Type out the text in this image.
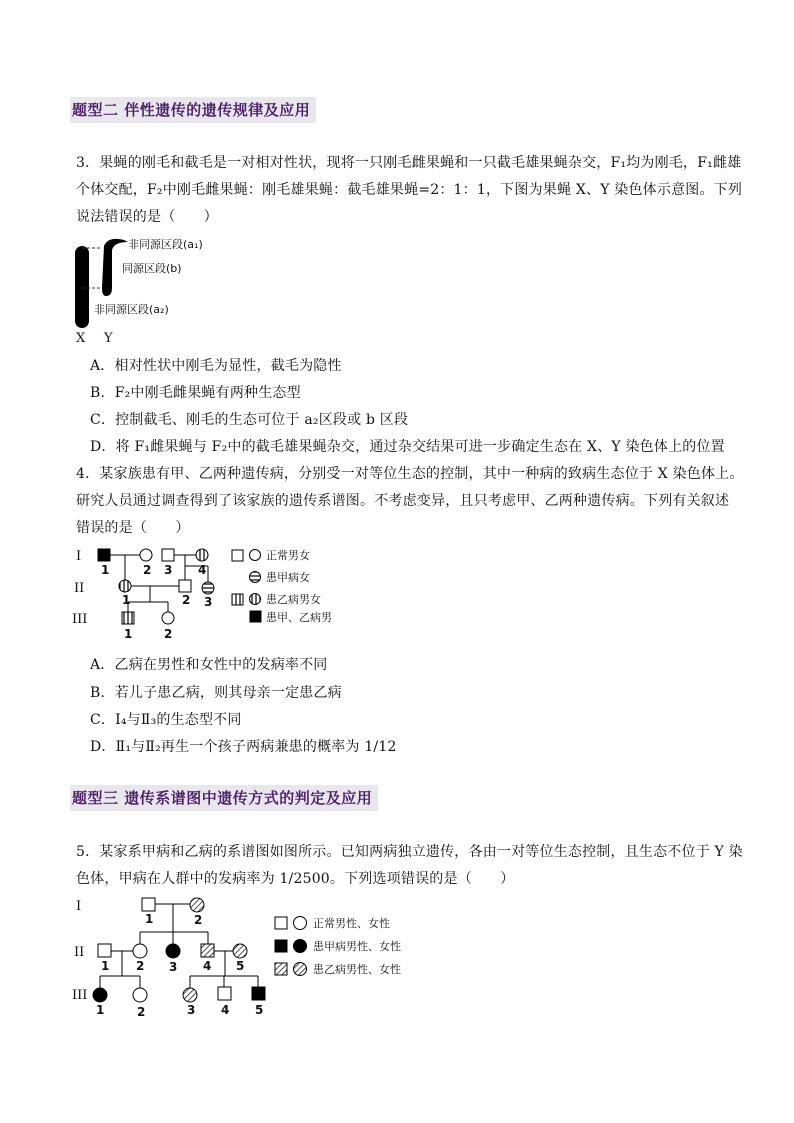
题型二 伴性遗传的遗传规律及应用
3．果蝇的刚毛和截毛是一对相对性状，现将一只刚毛雌果蝇和一只截毛雄果蝇杂交，F₁均为刚毛，F₁雌雄
个体交配，F₂中刚毛雌果蝇：刚毛雄果蝇：截毛雄果蝇=2：1：1，下图为果蝇 X、Y 染色体示意图。下列
说法错误的是（　　）
非同源区段(a₁)
同源区段(b)
非同源区段(a₂)
X Y
A．相对性状中刚毛为显性，截毛为隐性
B．F₂中刚毛雌果蝇有两种生态型
C．控制截毛、刚毛的生态可位于 a₂区段或 b 区段
D．将 F₁雌果蝇与 F₂中的截毛雄果蝇杂交，通过杂交结果可进一步确定生态在 X、Y 染色体上的位置
4．某家族患有甲、乙两种遗传病，分别受一对等位生态的控制，其中一种病的致病生态位于 X 染色体上。
研究人员通过调查得到了该家族的遗传系谱图。不考虑变异，且只考虑甲、乙两种遗传病。下列有关叙述
错误的是（　　）
I
II
III
1	2 3 4
1	2 3
1	2
正常男女
患甲病女
患乙病男女
患甲、乙病男
A．乙病在男性和女性中的发病率不同
B．若儿子患乙病，则其母亲一定患乙病
C．I₄与Ⅱ₃的生态型不同
D．Ⅱ₁与Ⅱ₂再生一个孩子两病兼患的概率为 1/12
题型三 遗传系谱图中遗传方式的判定及应用
5．某家系甲病和乙病的系谱图如图所示。已知两病独立遗传，各由一对等位生态控制，且生态不位于 Y 染
色体，甲病在人群中的发病率为 1/2500。下列选项错误的是（　　）
I
II
III
1	2
1 2 3 4 5
1	2	3 4 5
正常男性、女性
患甲病男性、女性
患乙病男性、女性
